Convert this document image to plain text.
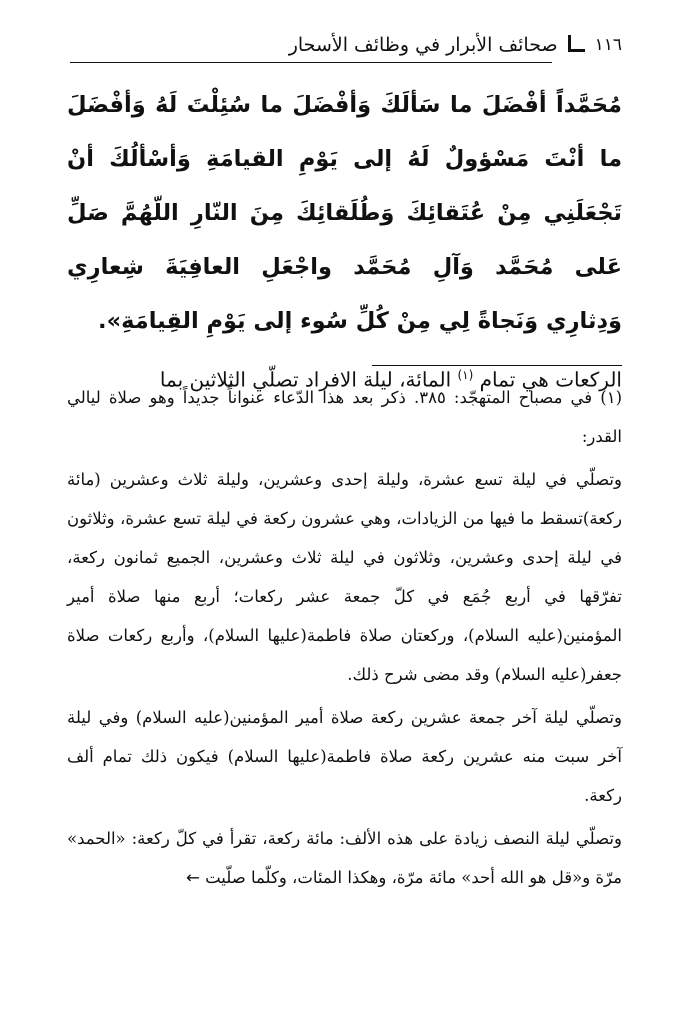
١١٦
صحائف الأبرار في وظائف الأسحار
مُحَمَّداً أفْضَلَ ما سَألَكَ وَأفْضَلَ ما سُئِلْتَ لَهُ وَأفْضَلَ ما أنْتَ مَسْؤولٌ لَهُ إلى يَوْمِ القيامَةِ وَأسْألُكَ أنْ تَجْعَلَنِي مِنْ عُتَقائِكَ وَطُلَقائِكَ مِنَ النّارِ اللّهُمَّ صَلِّ عَلى مُحَمَّد وَآلِ مُحَمَّد واجْعَلِ العافِيَةَ شِعارِي وَدِثارِي وَنَجاةً لِي مِنْ كُلِّ سُوء إلى يَوْمِ القِيامَةِ».

الركعات هي تمام $^{(١)}$ المائة، ليلة الافراد تصلّي الثلاثين بما

(١) في مصباح المتهجّد: ٣٨٥. ذكر بعد هذا الدّعاء عنواناً جديداً وهو صلاة ليالي القدر:

وتصلّي في ليلة تسع عشرة، وليلة إحدى وعشرين، وليلة ثلاث وعشرين (مائة ركعة)تسقط ما فيها من الزيادات، وهي عشرون ركعة في ليلة تسع عشرة، وثلاثون في ليلة إحدى وعشرين، وثلاثون في ليلة ثلاث وعشرين، الجميع ثمانون ركعة، تفرّقها في أربع جُمَع في كلّ جمعة عشر ركعات؛ أربع منها صلاة أمير المؤمنين(عليه السلام)، وركعتان صلاة فاطمة(عليها السلام)، وأربع ركعات صلاة جعفر(عليه السلام) وقد مضى شرح ذلك.

وتصلّي ليلة آخر جمعة عشرين ركعة صلاة أمير المؤمنين(عليه السلام) وفي ليلة آخر سبت منه عشرين ركعة صلاة فاطمة(عليها السلام) فيكون ذلك تمام ألف ركعة.

وتصلّي ليلة النصف زيادة على هذه الألف: مائة ركعة، تقرأ في كلّ ركعة: «الحمد» مرّة و«قل هو الله أحد» مائة مرّة، وهكذا المئات، وكلّما صلّيت ←
